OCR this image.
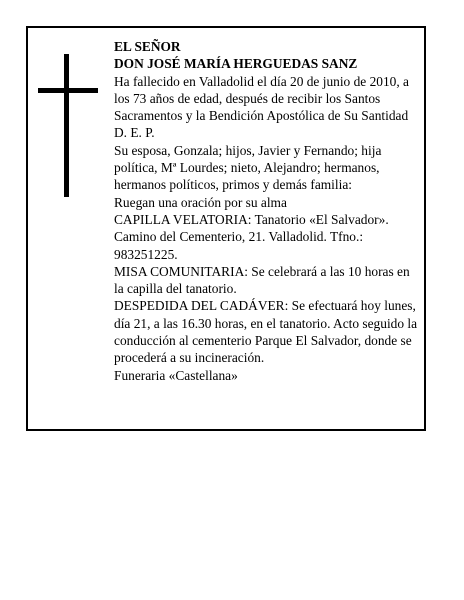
EL SEÑOR

DON JOSÉ MARÍA HERGUEDAS SANZ

Ha fallecido en Valladolid el día 20 de junio de 2010, a los 73 años de edad, después de recibir los Santos Sacramentos y la Bendición Apostólica de Su Santidad D. E. P.

Su esposa, Gonzala; hijos, Javier y Fernando; hija política, Mª Lourdes; nieto, Alejandro; hermanos, hermanos políticos, primos y demás familia:

Ruegan una oración por su alma

CAPILLA VELATORIA: Tanatorio «El Salvador». Camino del Cementerio, 21. Valladolid. Tfno.: 983251225.

MISA COMUNITARIA: Se celebrará a las 10 horas en la capilla del tanatorio.

DESPEDIDA DEL CADÁVER: Se efectuará hoy lunes, día 21, a las 16.30 horas, en el tanatorio. Acto seguido la conducción al cementerio Parque El Salvador, donde se procederá a su incineración.

Funeraria «Castellana»
